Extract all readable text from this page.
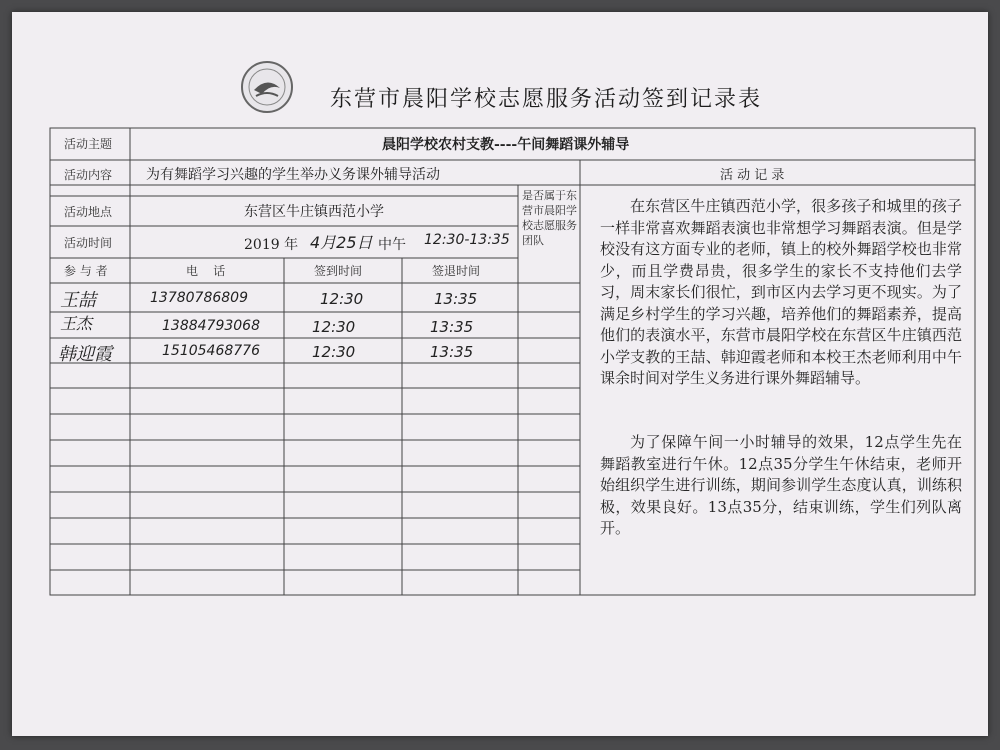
东营市晨阳学校志愿服务活动签到记录表
活动主题	晨阳学校农村支教----午间舞蹈课外辅导
活动内容 为有舞蹈学习兴趣的学生举办义务课外辅导活动	活 动 记 录
活动地点	东营区牛庄镇西范小学
活动时间	2019 年 4月25日 中午 12:30-13:35
是否属于东营市晨阳学校志愿服务团队
参 与 者	电    话	签到时间	签退时间
王喆	13780786809	12:30	13:35
王杰	13884793068	12:30	13:35
韩迎霞	15105468776	12:30	13:35
在东营区牛庄镇西范小学，很多孩子和城里的孩子一样非常喜欢舞蹈表演也非常想学习舞蹈表演。但是学校没有这方面专业的老师，镇上的校外舞蹈学校也非常少，而且学费昂贵，很多学生的家长不支持他们去学习，周末家长们很忙，到市区内去学习更不现实。为了满足乡村学生的学习兴趣，培养他们的舞蹈素养，提高他们的表演水平，东营市晨阳学校在东营区牛庄镇西范小学支教的王喆、韩迎霞老师和本校王杰老师利用中午课余时间对学生义务进行课外舞蹈辅导。
为了保障午间一小时辅导的效果，12点学生先在舞蹈教室进行午休。12点35分学生午休结束，老师开始组织学生进行训练，期间参训学生态度认真，训练积极，效果良好。13点35分，结束训练，学生们列队离开。
